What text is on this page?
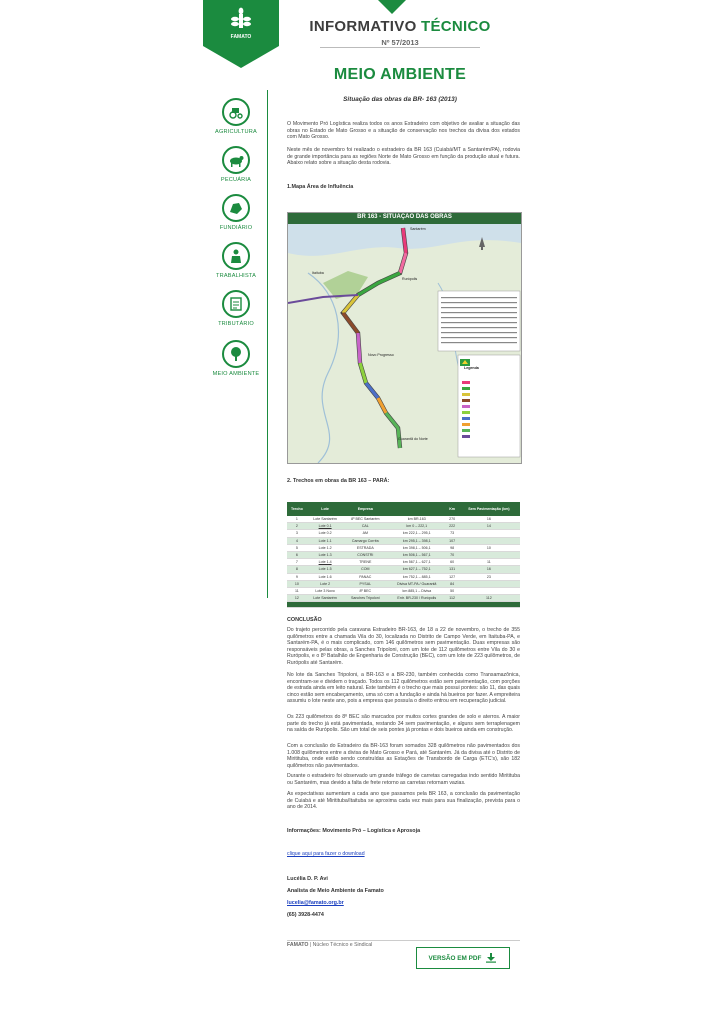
FAMATO
INFORMATIVO TÉCNICO
Nº 57/2013
MEIO AMBIENTE
Situação das obras da BR- 163 (2013)
AGRICULTURA
PECUÁRIA
FUNDIÁRIO
TRABALHISTA
TRIBUTÁRIO
MEIO AMBIENTE
O Movimento Pró Logística realiza todos os anos Estradeiro com objetivo de avaliar a situação das obras no Estado de Mato Grosso e a situação de conservação nos trechos da divisa dos estados com Mato Grosso.
Neste mês de novembro foi realizado o estradeiro da BR 163 (Cuiabá/MT a Santarém/PA), rodovia de grande importância para as regiões Norte de Mato Grosso em função da produção atual e futura. Abaixo relato sobre a situação desta rodovia.
1.Mapa Área de Influência
BR 163 - SITUAÇÃO DAS OBRAS
Santarém
Rurópolis
Itaituba
Novo Progresso
Guarantã do Norte
Legenda
2. Trechos em obras da BR 163 – PARÁ:
Trecho	Lote	Empresa		Km	Sem Pavimentação (km)
1	Lote Santarém	8º BEC Santarém	km BR-163	270	16
2	Lote 0.1	CAL	km 0 – 222,1	222	14
3	Lote 0.2	AM	km 222,1 – 295,1	73	
4	Lote 1.1	Camargo Corrêa	km 295,1 – 398,1	107	
5	Lote 1.2	ESTRADA	km 398,1 – 506,1	98	10
6	Lote 1.3	CONSTRI	km 506,1 – 567,1	70	
7	Lote 1.4	TRENE	km 567,1 – 627,1	60	11
8	Lote 1.5	COM	km 627,1 – 752,1	131	16
9	Lote 1.6	PANAC	km 752,1 – 885,1	127	23
10	Lote 2	PYSAL	Divisa MT-PA / Guarantã	84	
11	Lote 3 Novo	8º BEC	km 885,1 – Divisa	50	
12	Lote Santarém	Sanches Tripoloni	Entr. BR-230 / Rurópolis	112	112

CONCLUSÃO
Do trajeto percorrido pela caravana Estradeiro BR-163, de 18 a 22 de novembro, o trecho de 355 quilômetros entre a chamada Vila do 30, localizada no Distrito de Campo Verde, em Itaituba-PA, e Santarém-PA, é o mais complicado, com 146 quilômetros sem pavimentação. Duas empresas são responsáveis pelas obras, a Sanches Tripoloni, com um lote de 112 quilômetros entre Vila do 30 e Rurópolis, e o 8º Batalhão de Engenharia de Construção (BEC), com um lote de 223 quilômetros, de Rurópolis até Santarém.
No lote da Sanches Tripoloni, a BR-163 e a BR-230, também conhecida como Transamazônica, encontram-se e dividem o traçado. Todos os 112 quilômetros estão sem pavimentação, com porções de estrada ainda em leito natural. Este também é o trecho que mais possui pontes: são 11, das quais cinco estão sem encabeçamento, uma só com a fundação e ainda há bueiros por fazer. A empreiteira assumiu o lote neste ano, pois a empresa que possuía o direito entrou em recuperação judicial.
Os 223 quilômetros do 8º BEC são marcados por muitos cortes grandes de solo e aterros. A maior parte do trecho já está pavimentada, restando 34 sem pavimentação, e alguns sem terraplenagem na saída de Rurópolis. São um total de seis pontes já prontas e dois bueiros ainda em construção.
Com a conclusão do Estradeiro da BR-163 foram somados 328 quilômetros não pavimentados dos 1.008 quilômetros entre a divisa de Mato Grosso e Pará, até Santarém. Já da divisa até o Distrito de Miritituba, onde estão sendo construídas as Estações de Transbordo de Carga (ETC's), são 182 quilômetros não pavimentados.
Durante o estradeiro foi observado um grande tráfego de carretas carregadas indo sentido Miritituba ou Santarém, mas devido a falta de frete retorno as carretas retornam vazias.
As expectativas aumentam a cada ano que passamos pela BR 163, a conclusão da pavimentação de Cuiabá e até Miritituba/Itaituba se aproxima cada vez mais para sua finalização, prevista para o ano de 2014.
Informações: Movimento Pró – Logística e Aprosoja
clique aqui para fazer o download
Lucélia D. P. Avi
Analista de Meio Ambiente da Famato
lucelia@famato.org.br
(65) 3928-4474
FAMATO | Núcleo Técnico e Sindical
VERSÃO EM PDF
